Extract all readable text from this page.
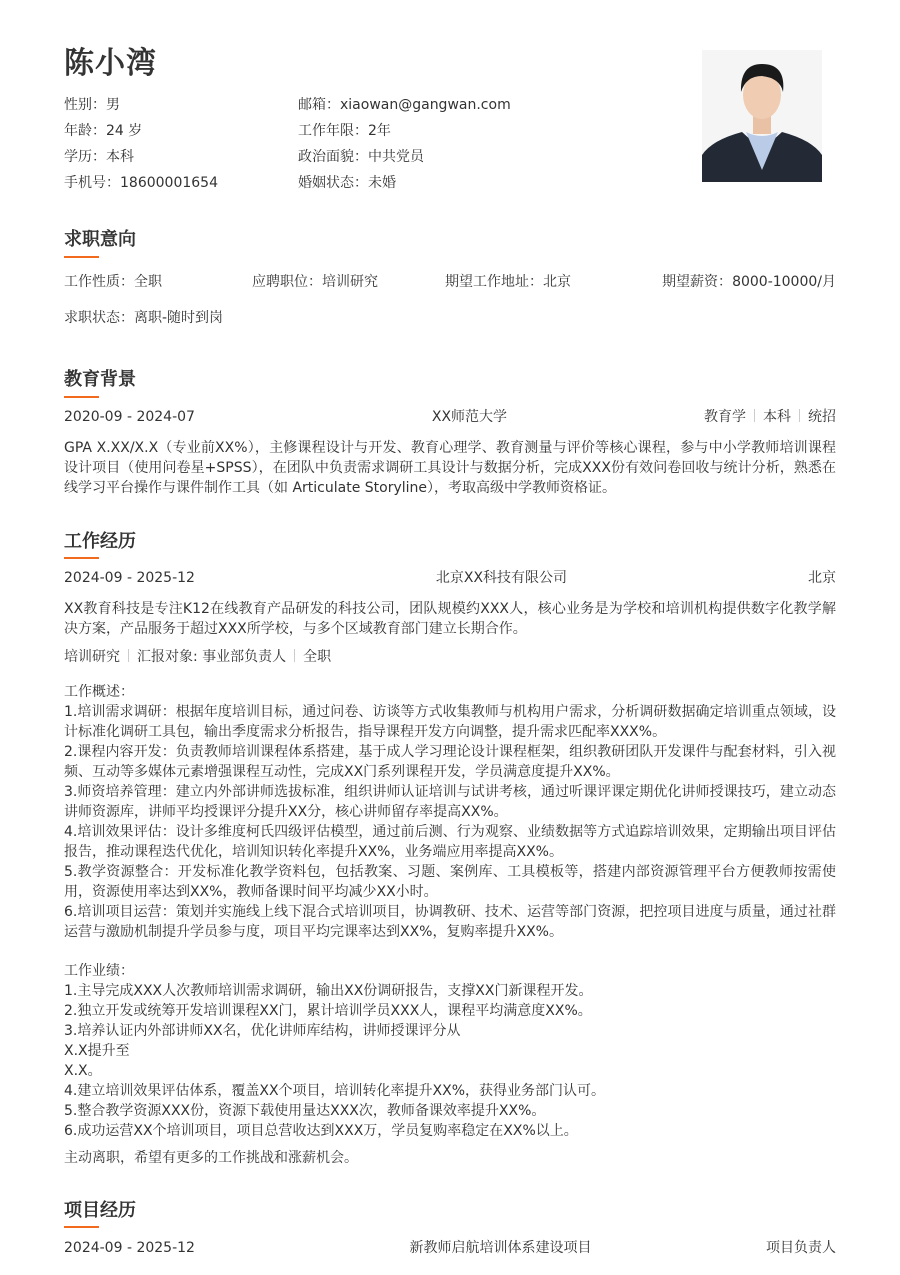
陈小湾
性别：男
年龄：24 岁
学历：本科
手机号：18600001654
邮箱：xiaowan@gangwan.com
工作年限：2年
政治面貌：中共党员
婚姻状态：未婚
求职意向
工作性质：全职	应聘职位：培训研究	期望工作地址：北京	期望薪资：8000-10000/月
求职状态：离职-随时到岗
教育背景
2020-09 - 2024-07	XX师范大学	教育学 本科 统招
GPA X.XX/X.X（专业前XX%），主修课程设计与开发、教育心理学、教育测量与评价等核心课程，参与中小学教师培训课程设计项目（使用问卷星+SPSS），在团队中负责需求调研工具设计与数据分析，完成XXX份有效问卷回收与统计分析，熟悉在线学习平台操作与课件制作工具（如 Articulate Storyline），考取高级中学教师资格证。
工作经历
2024-09 - 2025-12	北京XX科技有限公司	北京
XX教育科技是专注K12在线教育产品研发的科技公司，团队规模约XXX人，核心业务是为学校和培训机构提供数字化教学解决方案，产品服务于超过XXX所学校，与多个区域教育部门建立长期合作。
培训研究 汇报对象: 事业部负责人 全职
工作概述：
1.培训需求调研：根据年度培训目标，通过问卷、访谈等方式收集教师与机构用户需求，分析调研数据确定培训重点领域，设计标准化调研工具包，输出季度需求分析报告，指导课程开发方向调整，提升需求匹配率XXX%。
2.课程内容开发：负责教师培训课程体系搭建，基于成人学习理论设计课程框架，组织教研团队开发课件与配套材料，引入视频、互动等多媒体元素增强课程互动性，完成XX门系列课程开发，学员满意度提升XX%。
3.师资培养管理：建立内外部讲师选拔标准，组织讲师认证培训与试讲考核，通过听课评课定期优化讲师授课技巧，建立动态讲师资源库，讲师平均授课评分提升XX分，核心讲师留存率提高XX%。
4.培训效果评估：设计多维度柯氏四级评估模型，通过前后测、行为观察、业绩数据等方式追踪培训效果，定期输出项目评估报告，推动课程迭代优化，培训知识转化率提升XX%，业务端应用率提高XX%。
5.教学资源整合：开发标准化教学资料包，包括教案、习题、案例库、工具模板等，搭建内部资源管理平台方便教师按需使用，资源使用率达到XX%，教师备课时间平均减少XX小时。
6.培训项目运营：策划并实施线上线下混合式培训项目，协调教研、技术、运营等部门资源，把控项目进度与质量，通过社群运营与激励机制提升学员参与度，项目平均完课率达到XX%，复购率提升XX%。
工作业绩：
1.主导完成XXX人次教师培训需求调研，输出XX份调研报告，支撑XX门新课程开发。
2.独立开发或统筹开发培训课程XX门，累计培训学员XXX人，课程平均满意度XX%。
3.培养认证内外部讲师XX名，优化讲师库结构，讲师授课评分从
X.X提升至
X.X。
4.建立培训效果评估体系，覆盖XX个项目，培训转化率提升XX%，获得业务部门认可。
5.整合教学资源XXX份，资源下载使用量达XXX次，教师备课效率提升XX%。
6.成功运营XX个培训项目，项目总营收达到XXX万，学员复购率稳定在XX%以上。
主动离职，希望有更多的工作挑战和涨薪机会。
项目经历
2024-09 - 2025-12	新教师启航培训体系建设项目	项目负责人
